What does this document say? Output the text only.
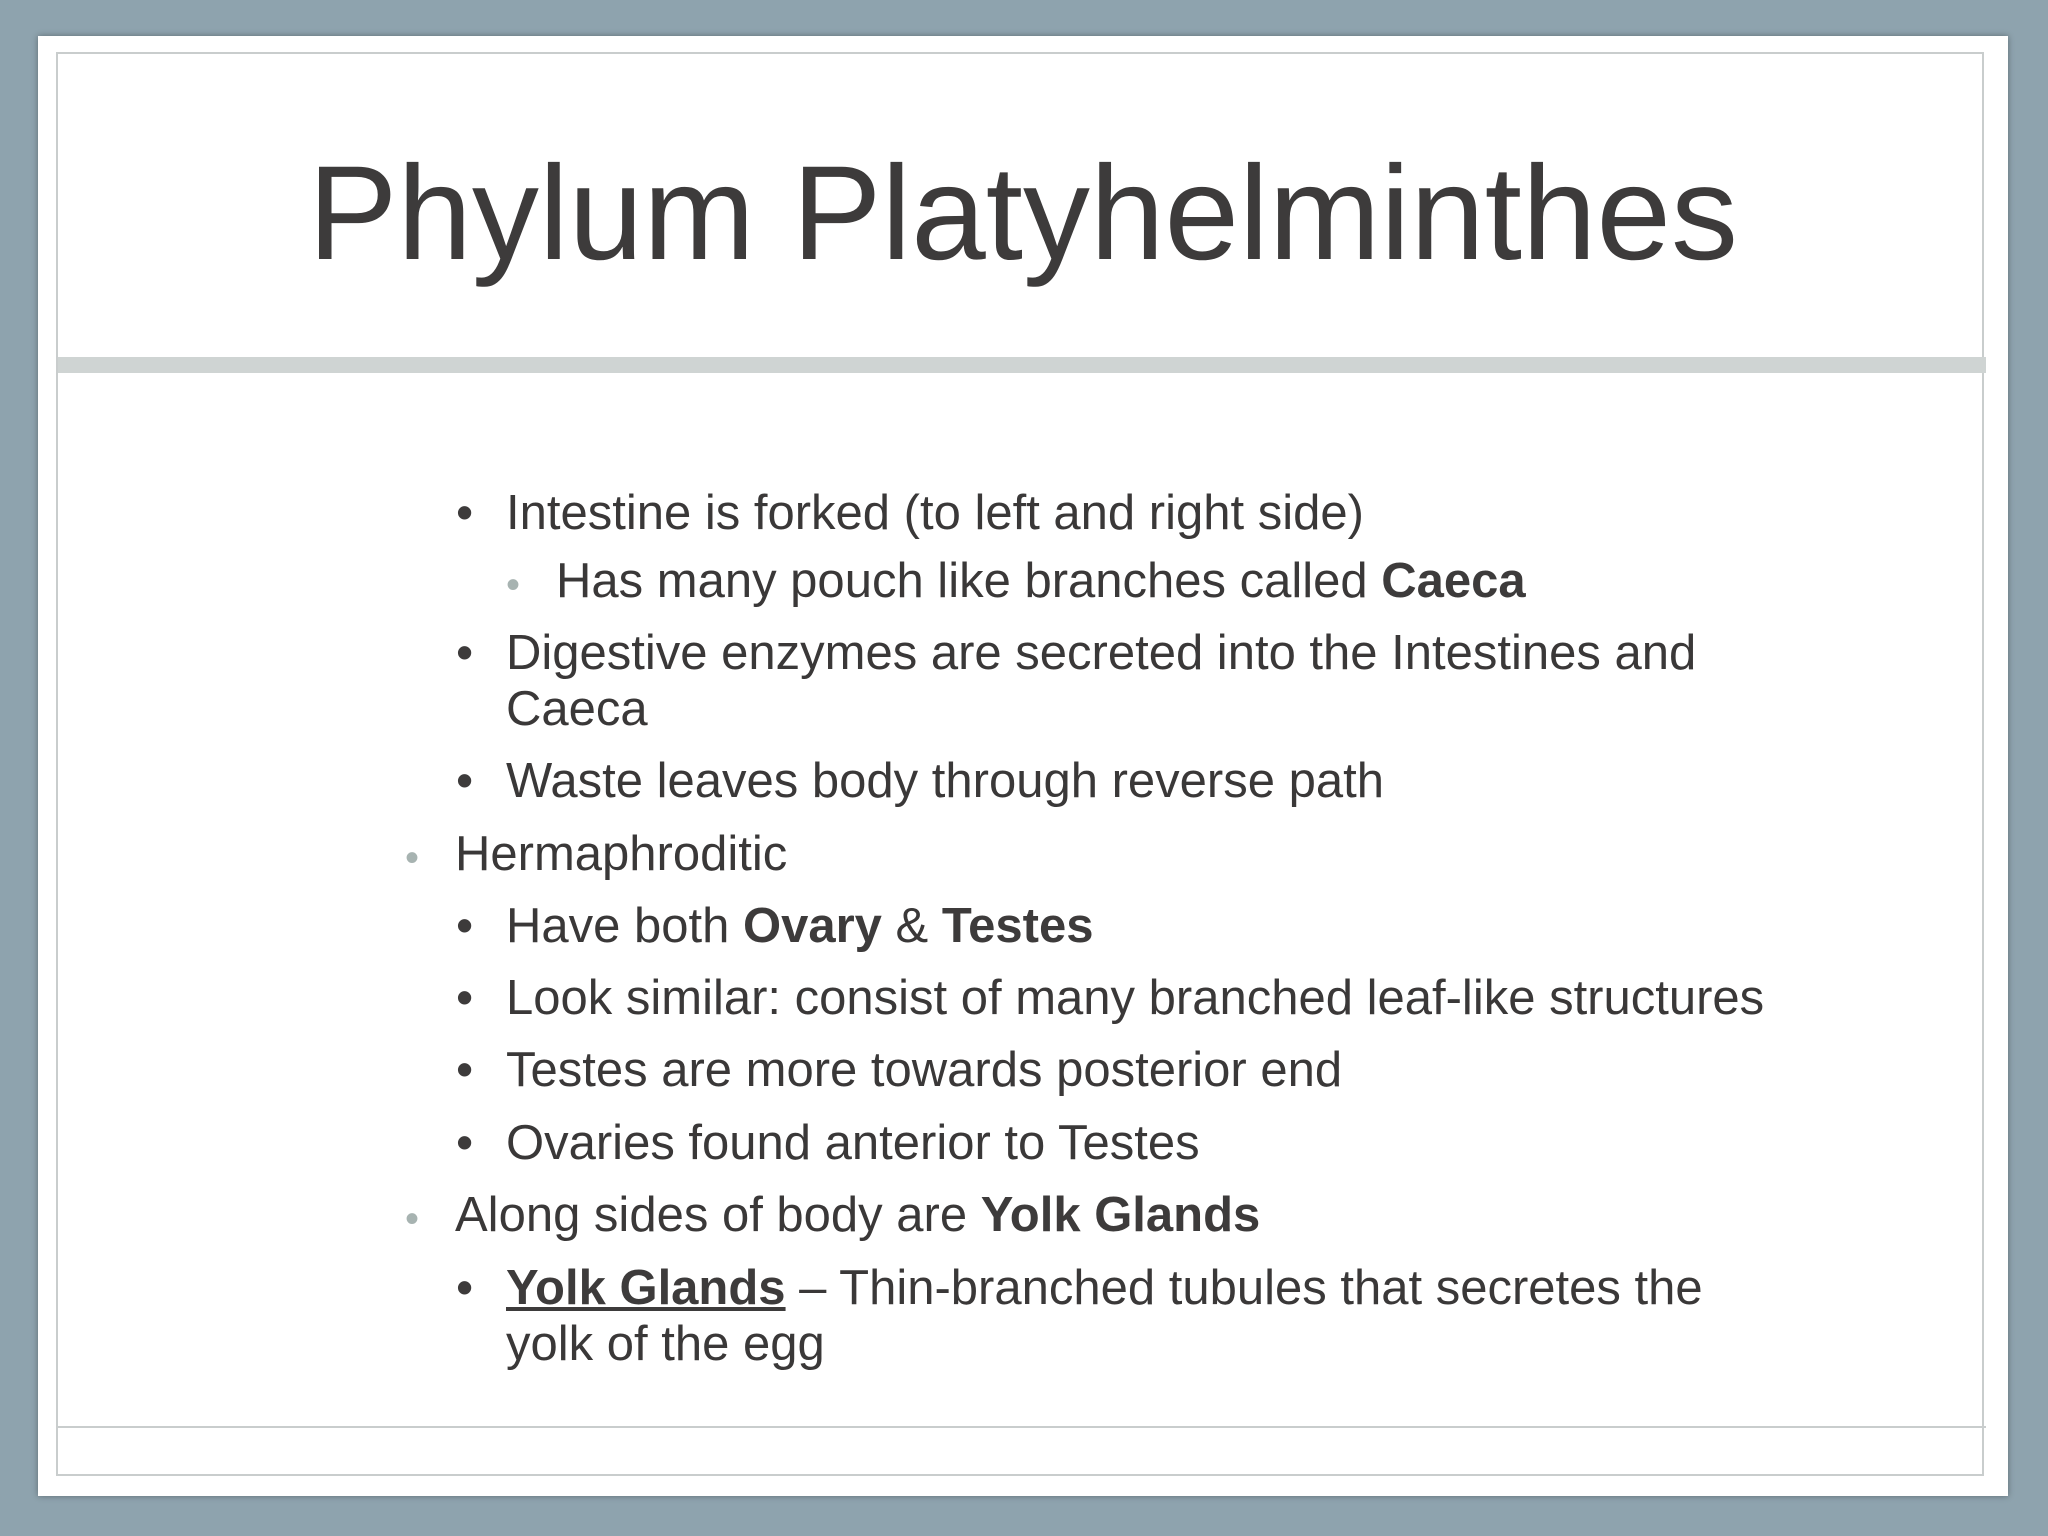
Phylum Platyhelminthes
• Intestine is forked (to left and right side)
• Has many pouch like branches called Caeca
• Digestive enzymes are secreted into the Intestines and
Caeca
• Waste leaves body through reverse path
• Hermaphroditic
• Have both Ovary & Testes
• Look similar: consist of many branched leaf-like structures
• Testes are more towards posterior end
• Ovaries found anterior to Testes
• Along sides of body are Yolk Glands
• Yolk Glands – Thin-branched tubules that secretes the
yolk of the egg
